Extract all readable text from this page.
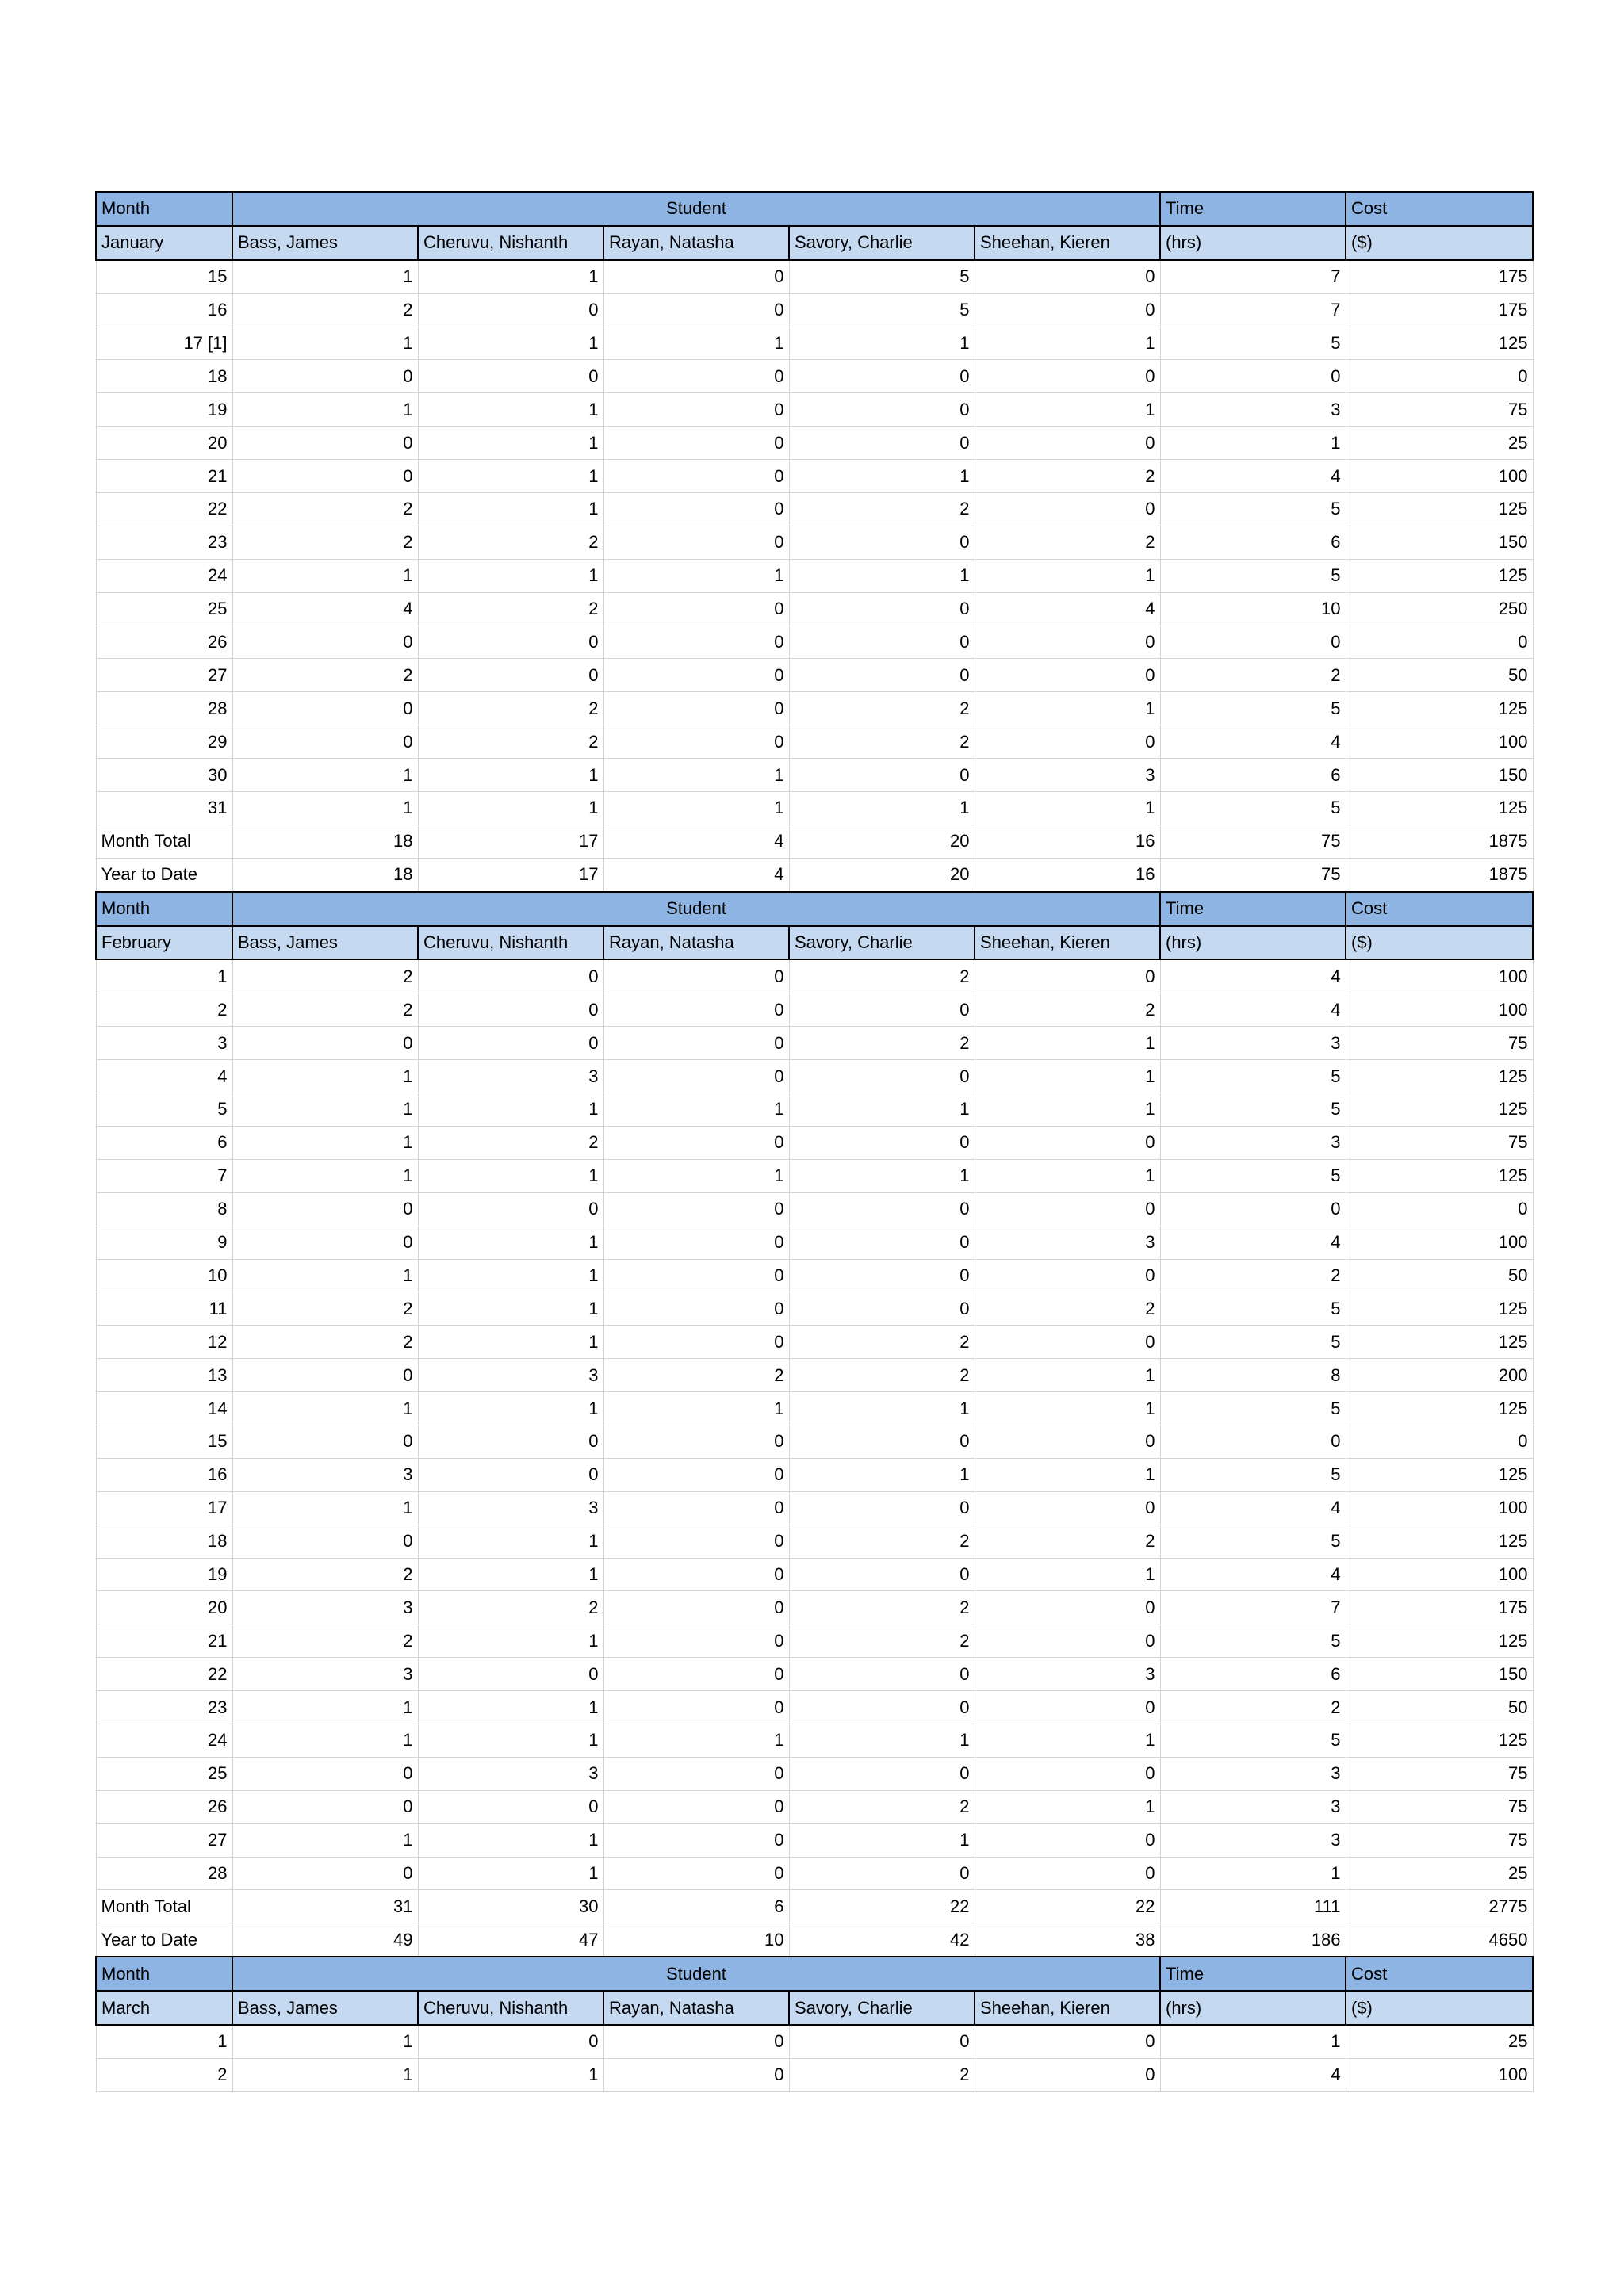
Month	Student					Time	Cost
January	Bass, James	Cheruvu, Nishanth	Rayan, Natasha	Savory, Charlie	Sheehan, Kieren	(hrs)	($)
15	1	1	0	5	0	7	175
16	2	0	0	5	0	7	175
17 [1]	1	1	1	1	1	5	125
18	0	0	0	0	0	0	0
19	1	1	0	0	1	3	75
20	0	1	0	0	0	1	25
21	0	1	0	1	2	4	100
22	2	1	0	2	0	5	125
23	2	2	0	0	2	6	150
24	1	1	1	1	1	5	125
25	4	2	0	0	4	10	250
26	0	0	0	0	0	0	0
27	2	0	0	0	0	2	50
28	0	2	0	2	1	5	125
29	0	2	0	2	0	4	100
30	1	1	1	0	3	6	150
31	1	1	1	1	1	5	125
Month Total	18	17	4	20	16	75	1875
Year to Date	18	17	4	20	16	75	1875
Month	Student					Time	Cost
February	Bass, James	Cheruvu, Nishanth	Rayan, Natasha	Savory, Charlie	Sheehan, Kieren	(hrs)	($)
1	2	0	0	2	0	4	100
2	2	0	0	0	2	4	100
3	0	0	0	2	1	3	75
4	1	3	0	0	1	5	125
5	1	1	1	1	1	5	125
6	1	2	0	0	0	3	75
7	1	1	1	1	1	5	125
8	0	0	0	0	0	0	0
9	0	1	0	0	3	4	100
10	1	1	0	0	0	2	50
11	2	1	0	0	2	5	125
12	2	1	0	2	0	5	125
13	0	3	2	2	1	8	200
14	1	1	1	1	1	5	125
15	0	0	0	0	0	0	0
16	3	0	0	1	1	5	125
17	1	3	0	0	0	4	100
18	0	1	0	2	2	5	125
19	2	1	0	0	1	4	100
20	3	2	0	2	0	7	175
21	2	1	0	2	0	5	125
22	3	0	0	0	3	6	150
23	1	1	0	0	0	2	50
24	1	1	1	1	1	5	125
25	0	3	0	0	0	3	75
26	0	0	0	2	1	3	75
27	1	1	0	1	0	3	75
28	0	1	0	0	0	1	25
Month Total	31	30	6	22	22	111	2775
Year to Date	49	47	10	42	38	186	4650
Month	Student					Time	Cost
March	Bass, James	Cheruvu, Nishanth	Rayan, Natasha	Savory, Charlie	Sheehan, Kieren	(hrs)	($)
1	1	0	0	0	0	1	25
2	1	1	0	2	0	4	100
